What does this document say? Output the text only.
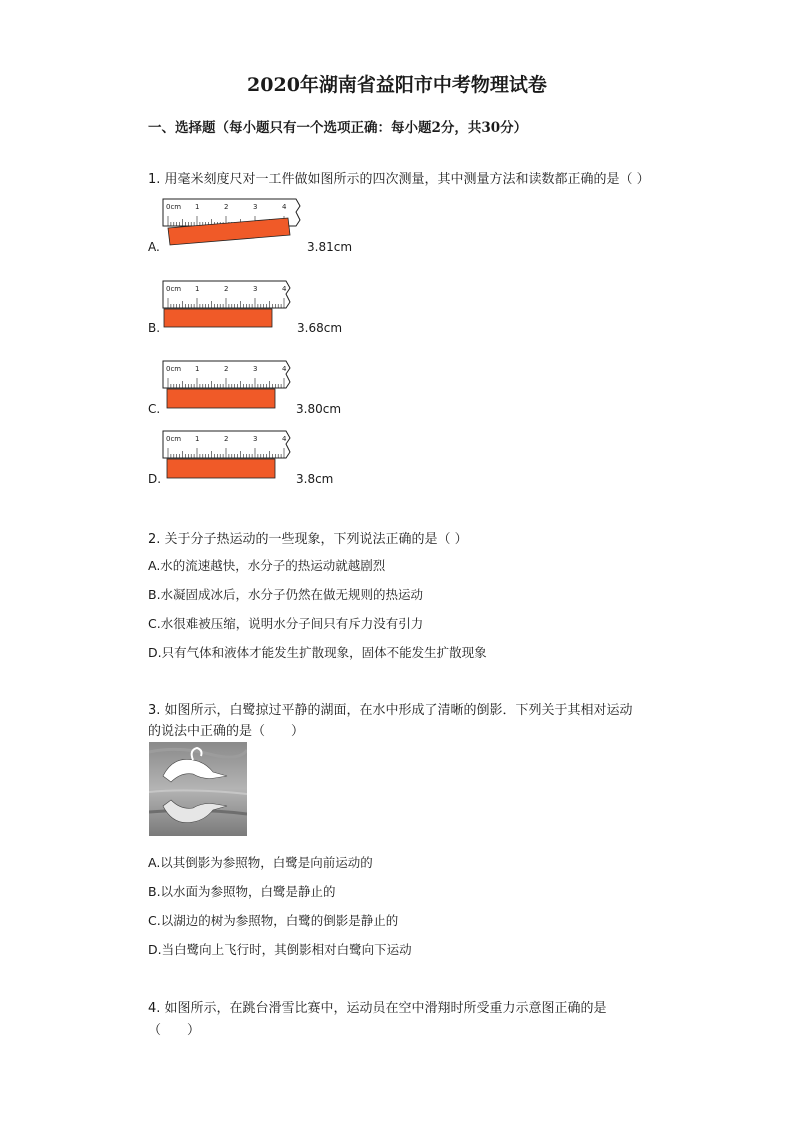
2020年湖南省益阳市中考物理试卷
一、选择题（每小题只有一个选项正确：每小题2分，共30分）
1. 用毫米刻度尺对一工件做如图所示的四次测量，其中测量方法和读数都正确的是（ ）
0cm 1	2	3	4
A.	3.81cm
0cm 1	2	3	4
B.	3.68cm
0cm 1	2	3	4
C.	3.80cm
0cm 1	2	3	4
D.	3.8cm
2. 关于分子热运动的一些现象，下列说法正确的是（ ）
A.水的流速越快，水分子的热运动就越剧烈
B.水凝固成冰后，水分子仍然在做无规则的热运动
C.水很难被压缩，说明水分子间只有斥力没有引力
D.只有气体和液体才能发生扩散现象，固体不能发生扩散现象
3. 如图所示，白鹭掠过平静的湖面，在水中形成了清晰的倒影．下列关于其相对运动
的说法中正确的是（　　）
A.以其倒影为参照物，白鹭是向前运动的
B.以水面为参照物，白鹭是静止的
C.以湖边的树为参照物，白鹭的倒影是静止的
D.当白鹭向上飞行时，其倒影相对白鹭向下运动
4. 如图所示，在跳台滑雪比赛中，运动员在空中滑翔时所受重力示意图正确的是
（　　）
